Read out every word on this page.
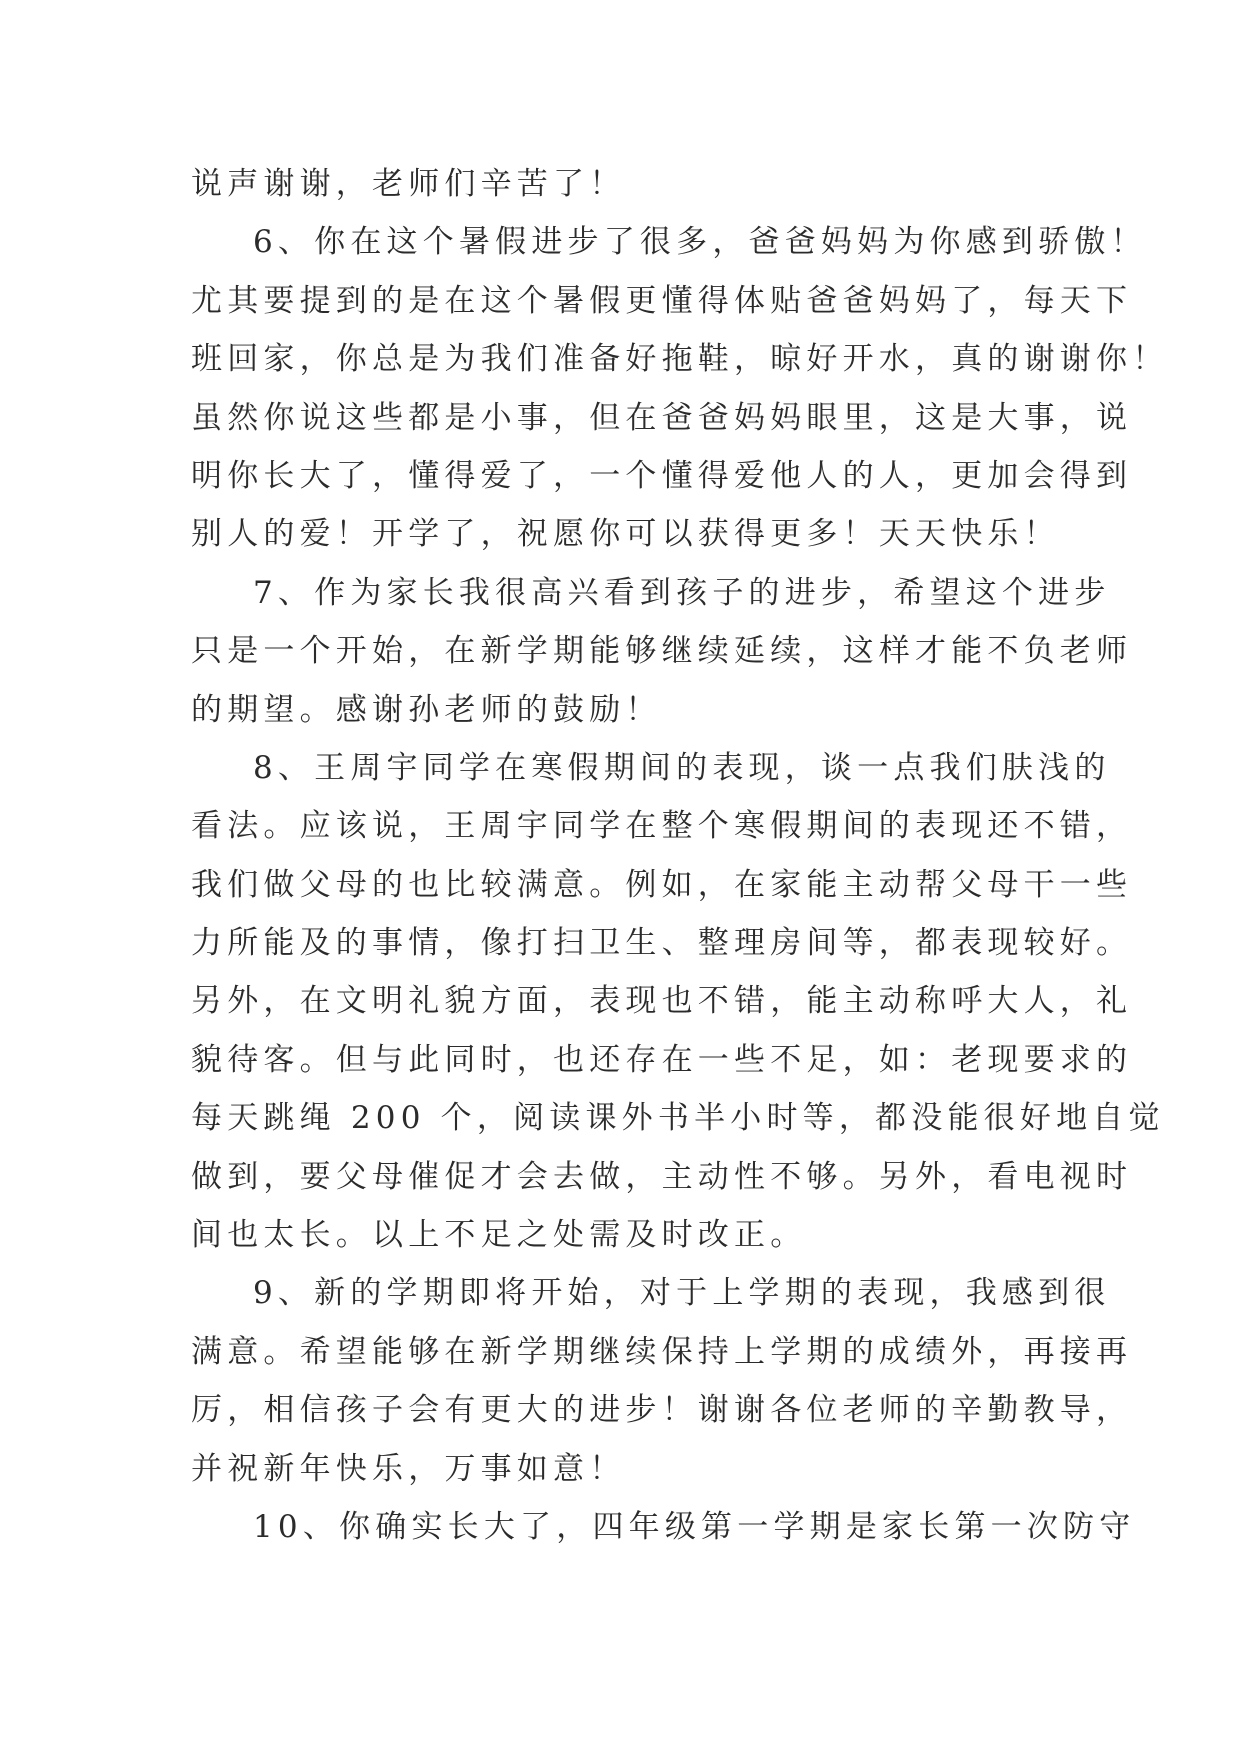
说声谢谢，老师们辛苦了！
6、你在这个暑假进步了很多，爸爸妈妈为你感到骄傲！
尤其要提到的是在这个暑假更懂得体贴爸爸妈妈了，每天下
班回家，你总是为我们准备好拖鞋，晾好开水，真的谢谢你！
虽然你说这些都是小事，但在爸爸妈妈眼里，这是大事，说
明你长大了，懂得爱了，一个懂得爱他人的人，更加会得到
别人的爱！开学了，祝愿你可以获得更多！天天快乐！
7、作为家长我很高兴看到孩子的进步，希望这个进步
只是一个开始，在新学期能够继续延续，这样才能不负老师
的期望。感谢孙老师的鼓励！
8、王周宇同学在寒假期间的表现，谈一点我们肤浅的
看法。应该说，王周宇同学在整个寒假期间的表现还不错，
我们做父母的也比较满意。例如，在家能主动帮父母干一些
力所能及的事情，像打扫卫生、整理房间等，都表现较好。
另外，在文明礼貌方面，表现也不错，能主动称呼大人，礼
貌待客。但与此同时，也还存在一些不足，如：老现要求的
每天跳绳 200 个，阅读课外书半小时等，都没能很好地自觉
做到，要父母催促才会去做，主动性不够。另外，看电视时
间也太长。以上不足之处需及时改正。
9、新的学期即将开始，对于上学期的表现，我感到很
满意。希望能够在新学期继续保持上学期的成绩外，再接再
厉，相信孩子会有更大的进步！谢谢各位老师的辛勤教导，
并祝新年快乐，万事如意！
10、你确实长大了，四年级第一学期是家长第一次防守
